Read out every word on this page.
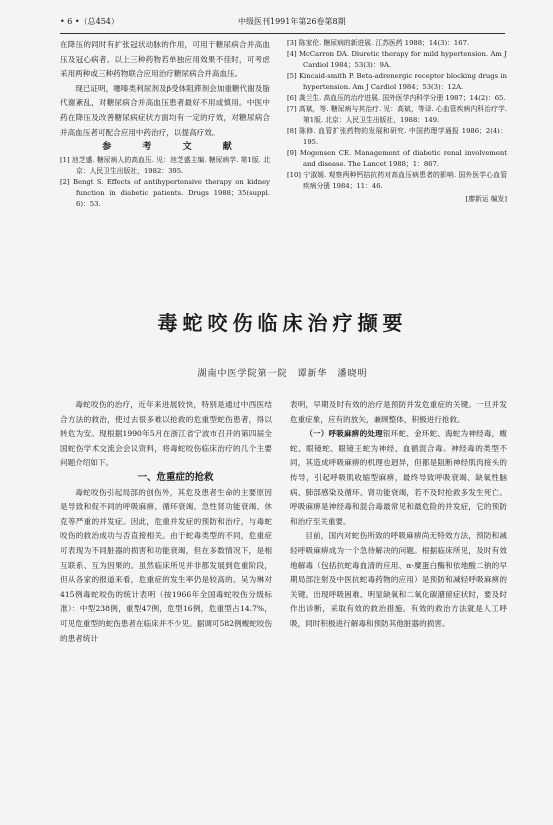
• 6 •（总454）	中级医刊1991年第26卷第8期

在降压的同时有扩张冠状动脉的作用，可用于糖尿病合并高血压及冠心病者。以上三种药物若单独应用效果不佳时，可考虑采用两种或三种药物联合应用治疗糖尿病合并高血压。

现已证明，噻嗪类利尿剂及β受体阻滞剂会加重糖代谢及脂代谢紊乱，对糖尿病合并高血压患者最好不用或慎用。中医中药在降压及改善糖尿病症状方面均有一定的疗效，对糖尿病合并高血压者可配合应用中药治疗，以提高疗效。

参 考 文 献

[1] 池芝盛. 糖尿病人的高血压. 见：池芝盛主编. 糖尿病学. 第1版. 北京：人民卫生出版社，1982：395.

[2] Bengt S. Effects of antihypertensive therapy on kidney function in diabetic patients. Drugs 1988；35(suppl. 6)：53.

[3] 陈家伦. 糖尿病的新进展. 江苏医药 1988；14(3)：167.

[4] McCarron DA. Diuretic therapy for mild hypertension. Am J Cardiol 1984；53(3)：9A.

[5] Kincaid-smith P. Beta-adrenergic receptor blocking drugs in hypertension. Am J Cardiol 1984；53(3)：12A.

[6] 龚兰生. 高血压的治疗进展. 国外医学内科学分册 1987；14(2)：65.

[7] 高斌，等. 糖尿病与其治疗. 见：高斌，等译. 心血管疾病内科治疗学. 第1版. 北京：人民卫生出版社，1988：149.

[8] 陈修. 血管扩张药物的发展和研究. 中国药理学通报 1986；2(4)：195.

[9] Mogensen CE. Management of diabetic renal involvement and disease. The Lancet 1988；1：867.

[10] 宁淑媛. 观察两种钙拮抗药对高血压病患者的影响. 国外医学心血管疾病分册 1984；11：46.

[廖新运 编发]

毒蛇咬伤临床治疗撷要
湖南中医学院第一院　谭新华　潘晓明

毒蛇咬伤的治疗，近年来进展较快，特别是通过中西医结合方法的救治，使过去很多难以抢救的危重型蛇伤患者，得以转危为安。现根据1990年5月在浙江省宁波市召开的第四届全国蛇伤学术交流会会议资料，将毒蛇咬伤临床治疗的几个主要问题介绍如下。

一、危重症的抢救

毒蛇咬伤引起局部的创伤外，其危及患者生命的主要原因是导致和促不同的呼吸麻痹、循环衰竭、急性肾功能衰竭、休克等严重的并发症。因此，危重并发症的预防和治疗，与毒蛇咬伤的救治成功与否直接相关。由于蛇毒类型的不同，危重症可表现为不同脏器的损害和功能衰竭，但在多数情况下，是相互联系、互为因果的。虽然临床所见并非都发展到危重阶段，但从各家的报道来看，危重症的发生率仍是较高的。吴为琳对415例毒蛇咬伤的统计表明（按1966年全国毒蛇咬伤分级标准）：中型238例，重型47例，危型16例，危重型占14.7%，可见危重型的蛇伤患者在临床并不少见。据调可582例蝮蛇咬伤的患者统计

表明，早期及时有效的治疗是预防并发危重症的关键。一旦并发危重症象，应有的放矢，兼顾整体，积极进行抢救。

（一）呼吸麻痹的处理银环蛇、金环蛇、海蛇为神经毒，蝮蛇、眼镜蛇、眼镜王蛇为神经、血循混合毒。神经毒的类型不同，其造成呼吸麻痹的机理也迥异，但都是阻断神经肌肉接头的传导，引起呼吸肌收缩型麻痹，最终导致呼吸衰竭、缺氧性脑病、肺部感染及循环、肾功能衰竭，若不及时抢救多发生死亡。呼吸麻痹是神经毒和混合毒最常见和最危险的并发症，它的预防和治疗至关重要。

目前，国内对蛇伤所致的呼吸麻痹尚无特效方法，预防和减轻呼吸麻痹成为一个急待解决的问题。根据临床所见，及时有效地解毒（包括抗蛇毒血清的应用、α-糜蛋白酶和依地酸二钠的早期局部注射及中医抗蛇毒药物的应用）是预防和减轻呼吸麻痹的关键。出现呼吸困难、明显缺氧和二氧化碳潴留症状时，要及时作出诊断，采取有效的救治措施。有效的救治方法就是人工呼吸，同时积极进行解毒和预防其他脏器的损害。
